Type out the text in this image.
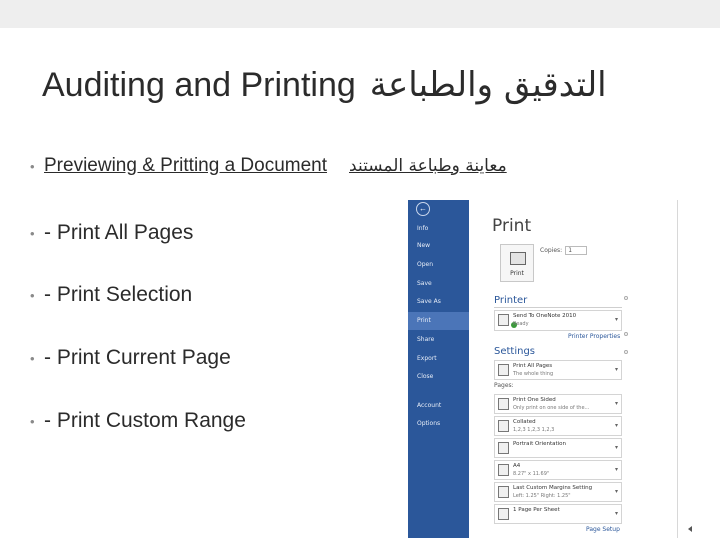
Auditing and Printing التدقيق والطباعة
• Previewing & Pritting a Document معاينة وطباعة المستند
• - Print All Pages
• - Print Selection
• - Print Current Page
• - Print Custom Range
←
Info
New
Open
Save
Save As
Print
Share
Export
Close
Account
Options
Print
Print
Copies: 1
Printer
Send To OneNote 2010
Ready
▾
Printer Properties
Settings
Print All Pages
The whole thing
▾
Pages:
Print One Sided
Only print on one side of the...
▾
Collated
1,2,3 1,2,3 1,2,3
▾
Portrait Orientation
▾
A4
8.27" x 11.69"
▾
Last Custom Margins Setting
Left: 1.25" Right: 1.25"
▾
1 Page Per Sheet
▾
Page Setup
